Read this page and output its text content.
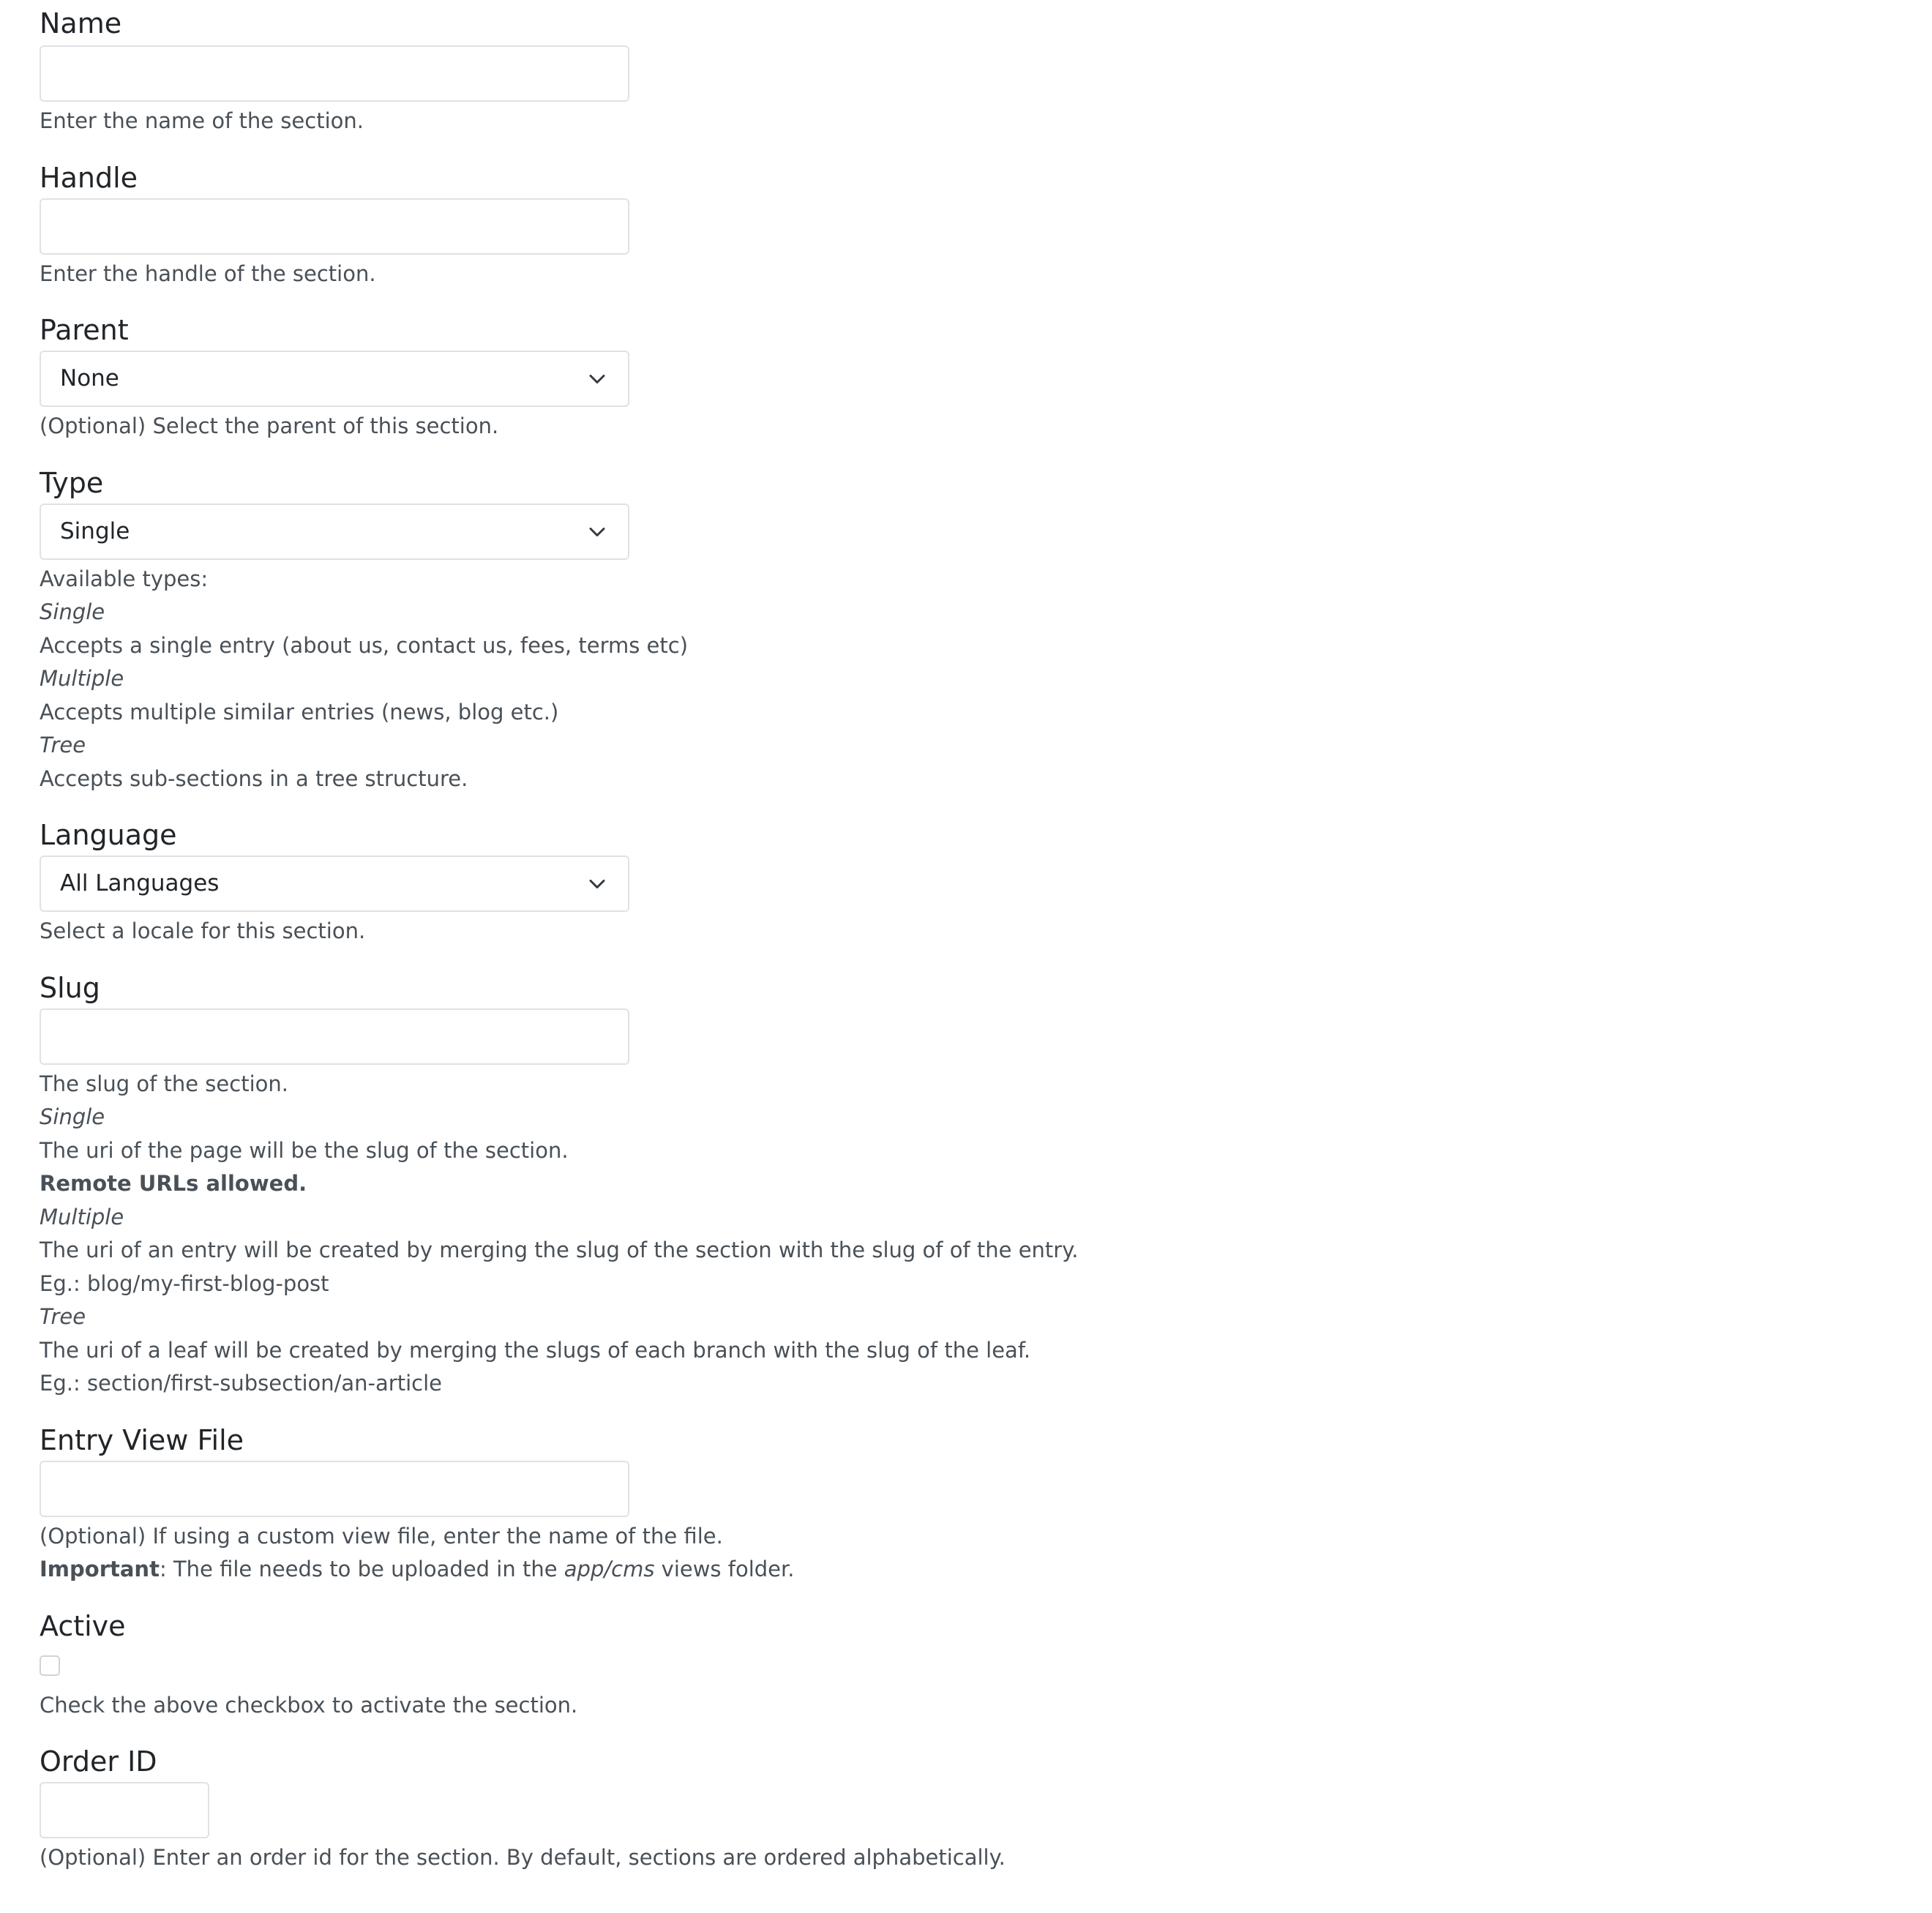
Name

Enter the name of the section.

Handle

Enter the handle of the section.

Parent
None

(Optional) Select the parent of this section.

Type
Single

Available types:

Single

Accepts a single entry (about us, contact us, fees, terms etc)

Multiple

Accepts multiple similar entries (news, blog etc.)

Tree

Accepts sub-sections in a tree structure.

Language
All Languages

Select a locale for this section.

Slug

The slug of the section.

Single

The uri of the page will be the slug of the section.

Remote URLs allowed.

Multiple

The uri of an entry will be created by merging the slug of the section with the slug of of the entry.

Eg.: blog/my-first-blog-post

Tree

The uri of a leaf will be created by merging the slugs of each branch with the slug of the leaf.

Eg.: section/first-subsection/an-article

Entry View File

(Optional) If using a custom view file, enter the name of the file.

Important: The file needs to be uploaded in the app/cms views folder.

Active

Check the above checkbox to activate the section.

Order ID

(Optional) Enter an order id for the section. By default, sections are ordered alphabetically.
